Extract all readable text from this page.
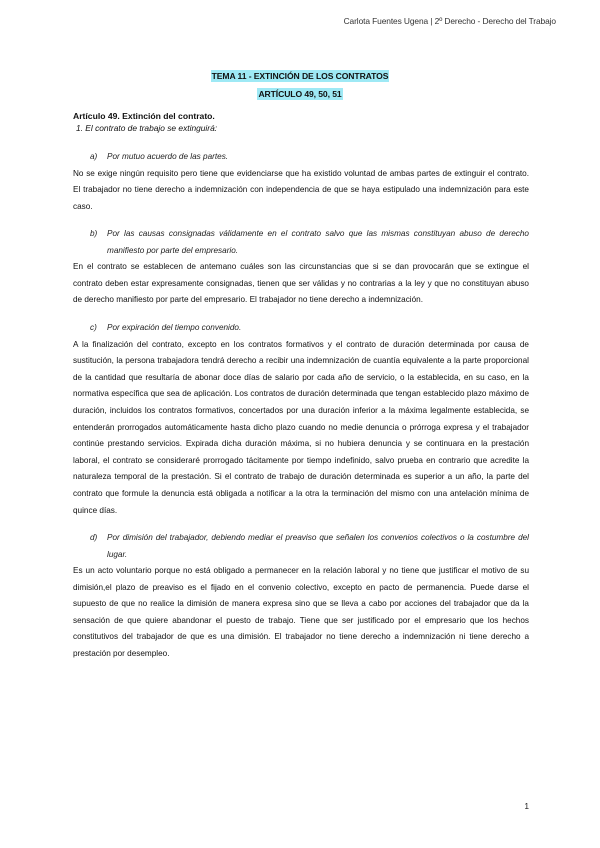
Carlota Fuentes Ugena | 2º Derecho - Derecho del Trabajo
TEMA 11 - EXTINCIÓN DE LOS CONTRATOS
ARTÍCULO 49, 50, 51
Artículo 49. Extinción del contrato.
1. El contrato de trabajo se extinguirá:
a)	Por mutuo acuerdo de las partes.
No se exige ningún requisito pero tiene que evidenciarse que ha existido voluntad de ambas partes de extinguir el contrato. El trabajador no tiene derecho a indemnización con independencia de que se haya estipulado una indemnización para este caso.
b)	Por las causas consignadas válidamente en el contrato salvo que las mismas constituyan abuso de derecho manifiesto por parte del empresario.
En el contrato se establecen de antemano cuáles son las circunstancias que si se dan provocarán que se extingue el contrato deben estar expresamente consignadas, tienen que ser válidas y no contrarias a la ley y que no constituyan abuso de derecho manifiesto por parte del empresario. El trabajador no tiene derecho a indemnización.
c)	Por expiración del tiempo convenido.
A la finalización del contrato, excepto en los contratos formativos y el contrato de duración determinada por causa de sustitución, la persona trabajadora tendrá derecho a recibir una indemnización de cuantía equivalente a la parte proporcional de la cantidad que resultaría de abonar doce días de salario por cada año de servicio, o la establecida, en su caso, en la normativa específica que sea de aplicación. Los contratos de duración determinada que tengan establecido plazo máximo de duración, incluidos los contratos formativos, concertados por una duración inferior a la máxima legalmente establecida, se entenderán prorrogados automáticamente hasta dicho plazo cuando no medie denuncia o prórroga expresa y el trabajador continúe prestando servicios. Expirada dicha duración máxima, si no hubiera denuncia y se continuara en la prestación laboral, el contrato se consideraré prorrogado tácitamente por tiempo indefinido, salvo prueba en contrario que acredite la naturaleza temporal de la prestación. Si el contrato de trabajo de duración determinada es superior a un año, la parte del contrato que formule la denuncia está obligada a notificar a la otra la terminación del mismo con una antelación mínima de quince días.
d)	Por dimisión del trabajador, debiendo mediar el preaviso que señalen los convenios colectivos o la costumbre del lugar.
Es un acto voluntario porque no está obligado a permanecer en la relación laboral y no tiene que justificar el motivo de su dimisión,el plazo de preaviso es el fijado en el convenio colectivo, excepto en pacto de permanencia. Puede darse el supuesto de que no realice la dimisión de manera expresa sino que se lleva a cabo por acciones del trabajador que da la sensación de que quiere abandonar el puesto de trabajo. Tiene que ser justificado por el empresario que los hechos constitutivos del trabajador de que es una dimisión. El trabajador no tiene derecho a indemnización ni tiene derecho a prestación por desempleo.
1
